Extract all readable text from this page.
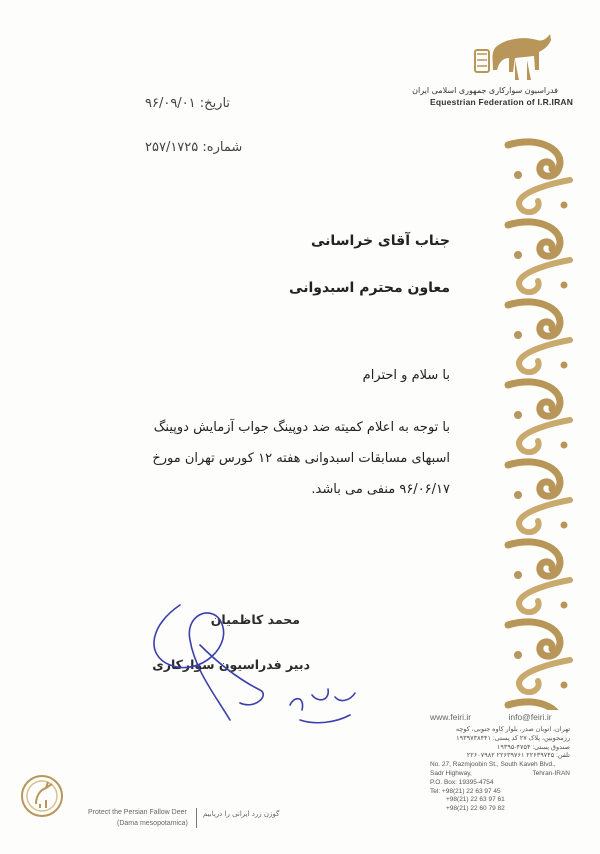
فدراسیون سوارکاری جمهوری اسلامی ایران
Equestrian Federation of I.R.IRAN
تاریخ: ۹۶/۰۹/۰۱
شماره: ۲۵۷/۱۷۲۵
جناب آقای خراسانی
معاون محترم اسبدوانی
با سلام و احترام
با توجه به اعلام کمیته ضد دوپینگ جواب آزمایش دوپینگ
اسبهای مسابقات اسبدوانی هفته ۱۲ کورس تهران مورخ
۹۶/۰۶/۱۷ منفی می باشد.
محمد کاظمیان
دبیر فدراسیون سوارکاری
www.feiri.ir	info@feiri.ir
تهران، اتوبان صدر، بلوار کاوه جنوبی، کوچه
رزمجوبین، پلاک ۲۷ کد پستی: ۱۹۳۹۷۳۸۴۴۱
صندوق پستی: ۴۷۵۴-۱۹۳۹۵
تلفن: ۲۲۶۳۹۷۴۵ ۲۲۶۳۹۷۶۱ ۲۲۶۰۷۹۸۲
No. 27, Razmjoobin St., South Kaveh Blvd.,
Sadr Highway,	Tehran-IRAN
P.O. Box: 19395-4754
Tel: +98(21) 22 63 97 45
+98(21) 22 63 97 61
+98(21) 22 60 79 82
Protect the Persian Fallow Deer
(Dama mesopotamica)
گوزن زرد ایرانی را دریابیم
